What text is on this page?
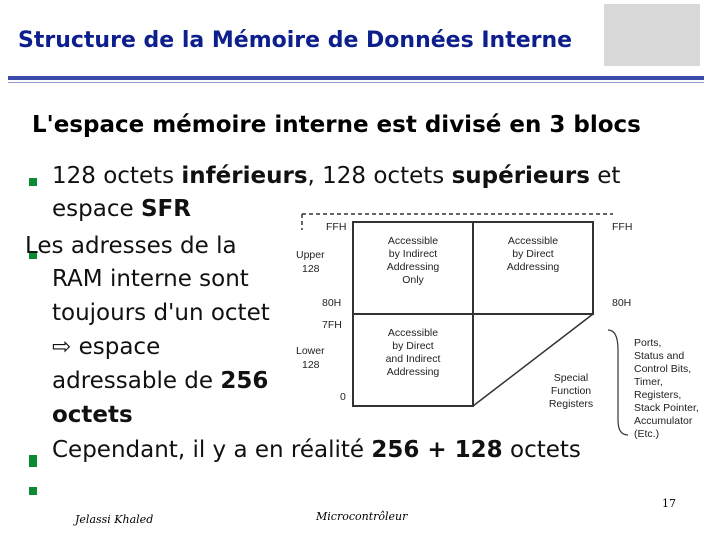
Structure de la Mémoire de Données Interne
L'espace mémoire interne est divisé en 3 blocs
128 octets inférieurs, 128 octets supérieurs et
espace SFR
Les adresses de la
RAM interne sont
toujours d'un octet
⇨ espace
adressable de 256
octets
FFH	FFH
Upper
128
80H
7FH
80H
Lower
128
0
Accessible
by Indirect
Addressing
Only
Accessible
by Direct
Addressing
Accessible
by Direct
and Indirect
Addressing	Special
Function
Registers
Ports,
Status and
Control Bits,
Timer,
Registers,
Stack Pointer,
Accumulator
(Etc.)
Cependant, il y a en réalité 256 + 128 octets
Jelassi Khaled	Microcontrôleur
17
